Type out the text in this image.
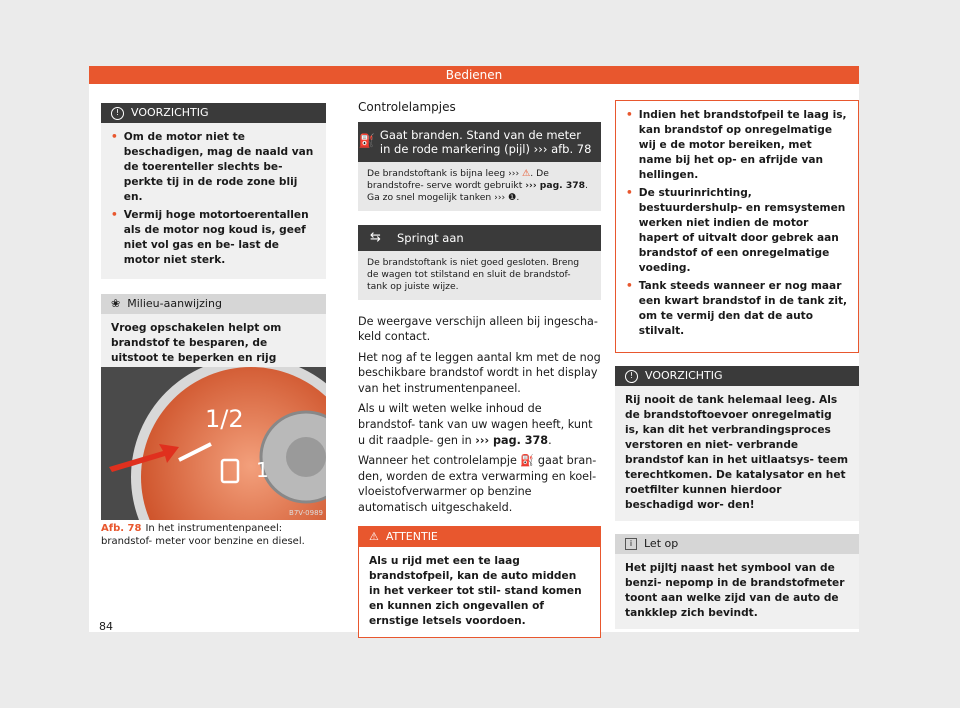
Bedienen
!	VOORZICHTIG
• Om de motor niet te beschadigen, mag de naald van de toerenteller slechts be- perkte tij in de rode zone blij en.
• Vermij hoge motortoerentallen als de motor nog koud is, geef niet vol gas en be- last de motor niet sterk.
❀ Milieu-aanwijzing
Vroeg opschakelen helpt om brandstof te besparen, de uitstoot te beperken en rijg
1/2
1
B7V-0989
Afb. 78 In het instrumentenpaneel: brandstof- meter voor benzine en diesel.
Controlelampjes
⛽ Gaat branden. Stand van de meter in de rode markering (pijl) ››› afb. 78
De brandstoftank is bijna leeg ››› ⚠. De brandstofre- serve wordt gebruikt ››› pag. 378. Ga zo snel mogelijk tanken ››› ❶.
⇆	Springt aan
De brandstoftank is niet goed gesloten. Breng de wagen tot stilstand en sluit de brandstof- tank op juiste wijze.

De weergave verschijn alleen bij ingescha- keld contact.

Het nog af te leggen aantal km met de nog beschikbare brandstof wordt in het display van het instrumentenpaneel.

Als u wilt weten welke inhoud de brandstof- tank van uw wagen heeft, kunt u dit raadple- gen in ››› pag. 378.

Wanneer het controlelampje ⛽ gaat bran- den, worden de extra verwarming en koel- vloeistofverwarmer op benzine automatisch uitgeschakeld.

⚠ ATTENTIE
Als u rijd met een te laag brandstofpeil, kan de auto midden in het verkeer tot stil- stand komen en kunnen zich ongevallen of ernstige letsels voordoen.
• Indien het brandstofpeil te laag is, kan brandstof op onregelmatige wij e de motor bereiken, met name bij het op- en afrijde van hellingen.
• De stuurinrichting, bestuurdershulp- en remsystemen werken niet indien de motor hapert of uitvalt door gebrek aan brandstof of een onregelmatige voeding.
• Tank steeds wanneer er nog maar een kwart brandstof in de tank zit, om te vermij den dat de auto stilvalt.
!	VOORZICHTIG
Rij nooit de tank helemaal leeg. Als de brandstoftoevoer onregelmatig is, kan dit het verbrandingsproces verstoren en niet- verbrande brandstof kan in het uitlaatsys- teem terechtkomen. De katalysator en het roetfilter kunnen hierdoor beschadigd wor- den!
i	Let op
Het pijltj naast het symbool van de benzi- nepomp in de brandstofmeter toont aan welke zijd van de auto de tankklep zich bevindt.
84
